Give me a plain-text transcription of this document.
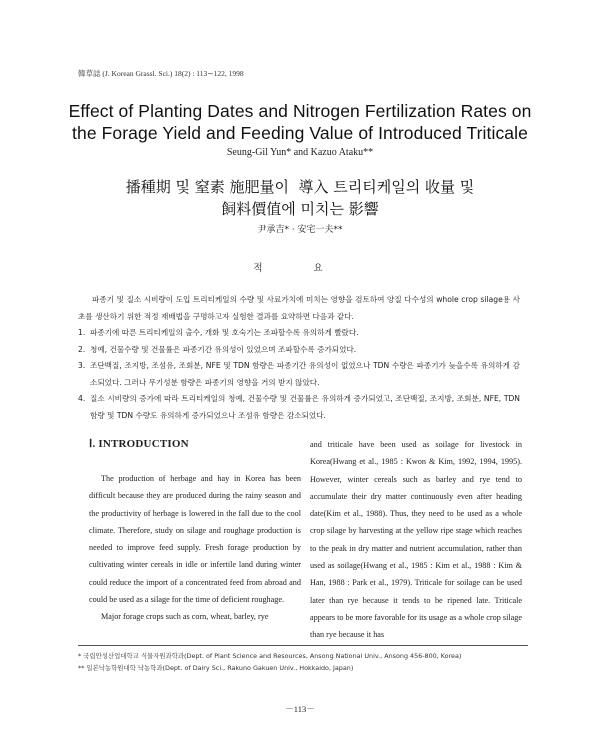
韓草誌 (J. Korean Grassl. Sci.) 18(2) : 113∼122, 1998
Effect of Planting Dates and Nitrogen Fertilization Rates on
the Forage Yield and Feeding Value of Introduced Triticale
Seung-Gil Yun* and Kazuo Ataku**
播種期 및 窒素 施肥量이  導入 트리티케일의 收量 및
飼料價值에 미치는 影響
尹承吉* · 安宅一夫**
적 요

파종기 및 질소 시비량이 도입 트리티케일의 수량 및 사료가치에 미치는 영향을 검토하여 양질 다수성의 whole crop silage용 사초를 생산하기 위한 적정 재배법을 구명하고자 실험한 결과를 요약하면 다음과 같다.

1. 파종기에 따른 트리티케일의 출수, 개화 및 호숙기는 조파할수록 유의하게 빨랐다.
2. 청예, 건물수량 및 건물률은 파종기간 유의성이 있었으며 조파할수록 증가되었다.
3. 조단백질, 조지방, 조섬유, 조회분, NFE 및 TDN 함량은 파종기간 유의성이 없었으나 TDN 수량은 파종기가 늦을수록 유의하게 감소되었다. 그러나 무기성분 함량은 파종기의 영향을 거의 받지 않았다.
4. 질소 시비량의 증가에 따라 트리티케일의 청예, 건물수량 및 건물률은 유의하게 증가되었고, 조단백질, 조지방, 조회분, NFE, TDN 함량 및 TDN 수량도 유의하게 증가되었으나 조섬유 함량은 감소되었다.
Ⅰ. INTRODUCTION

The production of herbage and hay in Korea has been difficult because they are produced during the rainy season and the productivity of herbage is lowered in the fall due to the cool climate. Therefore, study on silage and roughage production is needed to improve feed supply. Fresh forage production by cultivating winter cereals in idle or infertile land during winter could reduce the import of a concentrated feed from abroad and could be used as a silage for the time of deficient roughage.

Major forage crops such as corn, wheat, barley, rye

and triticale have been used as soilage for livestock in Korea(Hwang et al., 1985 : Kwon & Kim, 1992, 1994, 1995). However, winter cereals such as barley and rye tend to accumulate their dry matter continuously even after heading date(Kim et al., 1988). Thus, they need to be used as a whole crop silage by harvesting at the yellow ripe stage which reaches to the peak in dry matter and nutrient accumulation, rather than used as soilage(Hwang et al., 1985 : Kim et al., 1988 : Kim & Han, 1988 : Park et al., 1979). Triticale for soilage can be used later than rye because it tends to be ripened late. Triticale appears to be more favorable for its usage as a whole crop silage than rye because it has

* 국립안성산업대학교 식물자원과학과(Dept. of Plant Science and Resources, Ansong National Univ., Ansong 456-800, Korea)
** 일본낙농학원대학 낙농학과(Dept. of Dairy Sci., Rakuno Gakuen Univ., Hokkaido, Japan)
－113－
